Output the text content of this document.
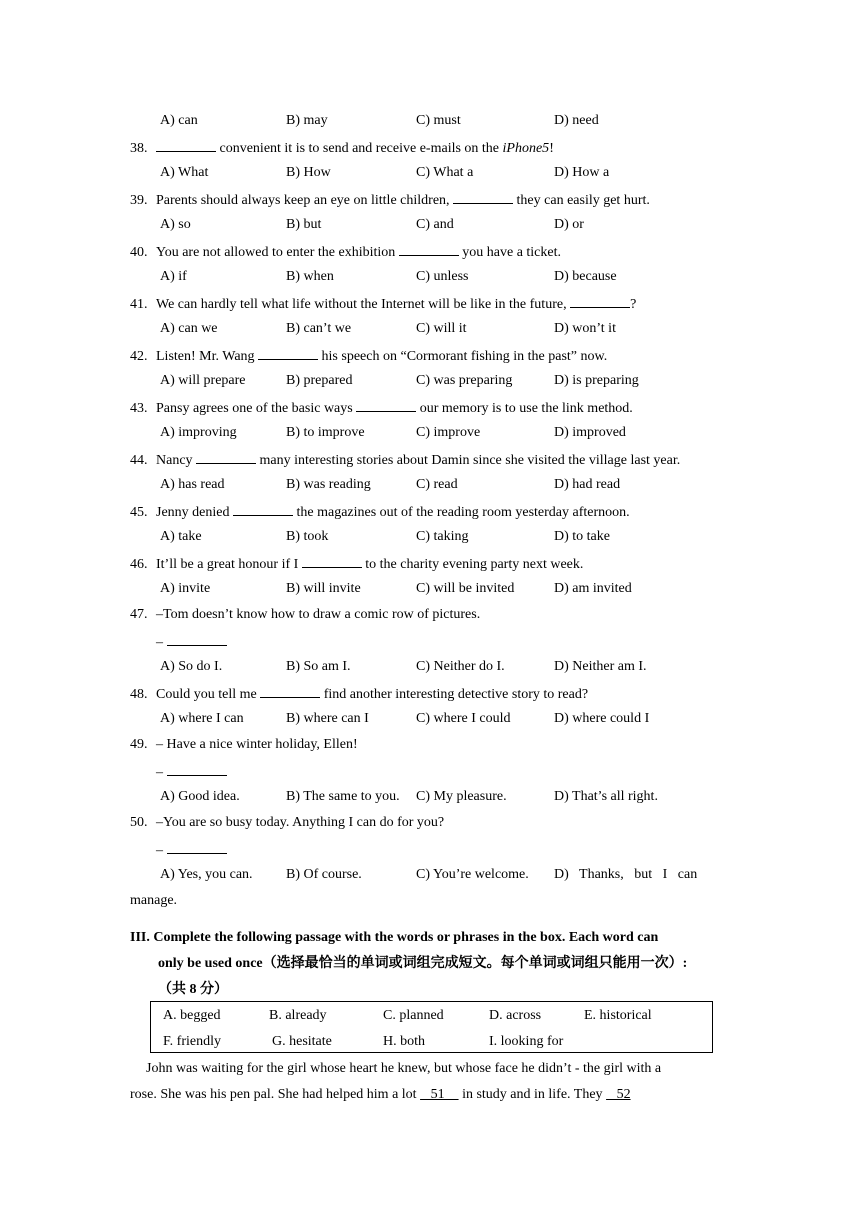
A) can	B) may	C) must	D) need
38.	convenient it is to send and receive e-mails on the iPhone5!
A) What	B) How	C) What a	D) How a
39. Parents should always keep an eye on little children,	they can easily get hurt.
A) so	B) but	C) and	D) or
40. You are not allowed to enter the exhibition	you have a ticket.
A) if	B) when	C) unless	D) because
41. We can hardly tell what life without the Internet will be like in the future,	?
A) can we	B) can’t we	C) will it	D) won’t it
42. Listen! Mr. Wang	his speech on “Cormorant fishing in the past” now.
A) will prepare	B) prepared	C) was preparing	D) is preparing
43. Pansy agrees one of the basic ways	our memory is to use the link method.
A) improving	B) to improve	C) improve	D) improved
44. Nancy	many interesting stories about Damin since she visited the village last year.
A) has read	B) was reading	C) read	D) had read
45. Jenny denied	the magazines out of the reading room yesterday afternoon.
A) take	B) took	C) taking	D) to take
46. It’ll be a great honour if I	to the charity evening party next week.
A) invite	B) will invite	C) will be invited	D) am invited
47. –Tom doesn’t know how to draw a comic row of pictures.
–
A) So do I.	B) So am I.	C) Neither do I.	D) Neither am I.
48. Could you tell me	find another interesting detective story to read?
A) where I can	B) where can I	C) where I could	D) where could I
49. – Have a nice winter holiday, Ellen!
–
A) Good idea.	B) The same to you. C) My pleasure.	D) That’s all right.
50. –You are so busy today. Anything I can do for you?
–
A) Yes, you can. B) Of course.	C) You’re welcome. D)   Thanks,   but   I   can
manage.
III. Complete the following passage with the words or phrases in the box. Each word can
only be used once（选择最恰当的单词或词组完成短文。每个单词或词组只能用一次）:
（共 8 分）
A. begged	B. already	C. planned	D. across	E. historical
F. friendly	G. hesitate	H. both	I. looking for
John was waiting for the girl whose heart he knew, but whose face he didn’t - the girl with a
rose. She was his pen pal. She had helped him a lot    51     in study and in life. They    52
